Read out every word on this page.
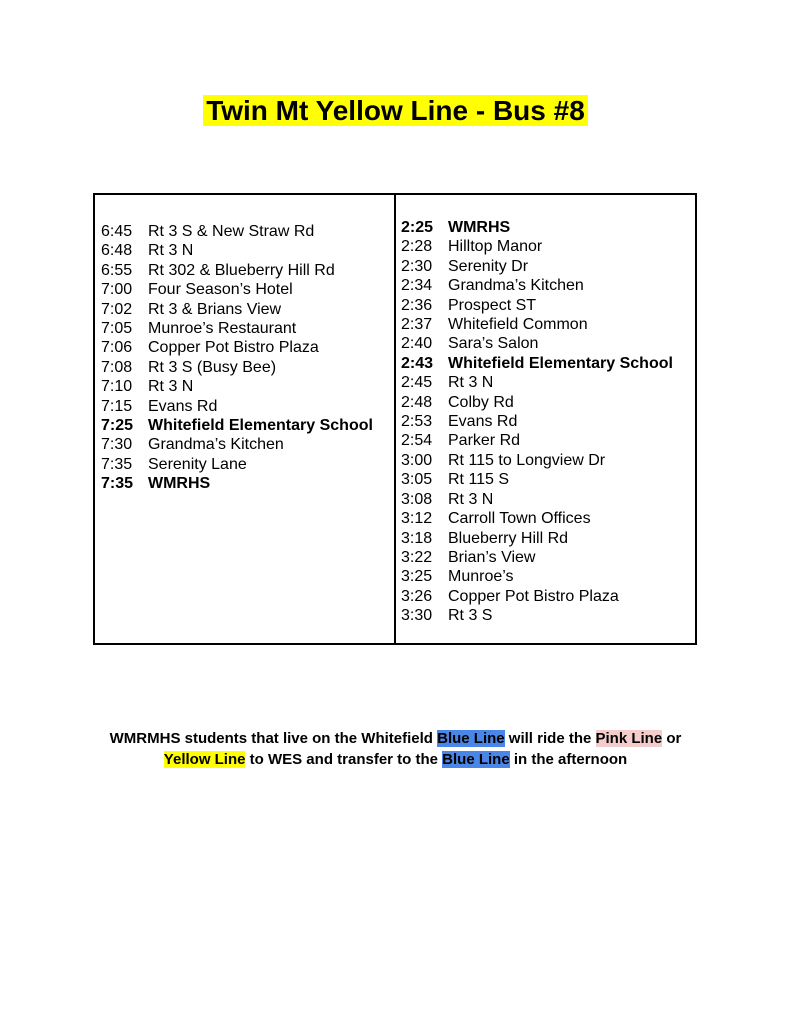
Twin Mt Yellow Line - Bus #8
6:45 Rt 3 S & New Straw Rd
6:48 Rt 3 N
6:55 Rt 302 & Blueberry Hill Rd
7:00 Four Season’s Hotel
7:02 Rt 3 & Brians View
7:05 Munroe’s Restaurant
7:06 Copper Pot Bistro Plaza
7:08 Rt 3 S (Busy Bee)
7:10 Rt 3 N
7:15 Evans Rd
7:25 Whitefield Elementary School
7:30 Grandma’s Kitchen
7:35 Serenity Lane
7:35 WMRHS
2:25 WMRHS
2:28 Hilltop Manor
2:30 Serenity Dr
2:34 Grandma’s Kitchen
2:36 Prospect ST
2:37 Whitefield Common
2:40 Sara’s Salon
2:43 Whitefield Elementary School
2:45 Rt 3 N
2:48 Colby Rd
2:53 Evans Rd
2:54 Parker Rd
3:00 Rt 115 to Longview Dr
3:05 Rt 115 S
3:08 Rt 3 N
3:12 Carroll Town Offices
3:18 Blueberry Hill Rd
3:22 Brian’s View
3:25 Munroe’s
3:26 Copper Pot Bistro Plaza
3:30 Rt 3 S
WMRMHS students that live on the Whitefield Blue Line will ride the Pink Line or
Yellow Line to WES and transfer to the Blue Line in the afternoon
